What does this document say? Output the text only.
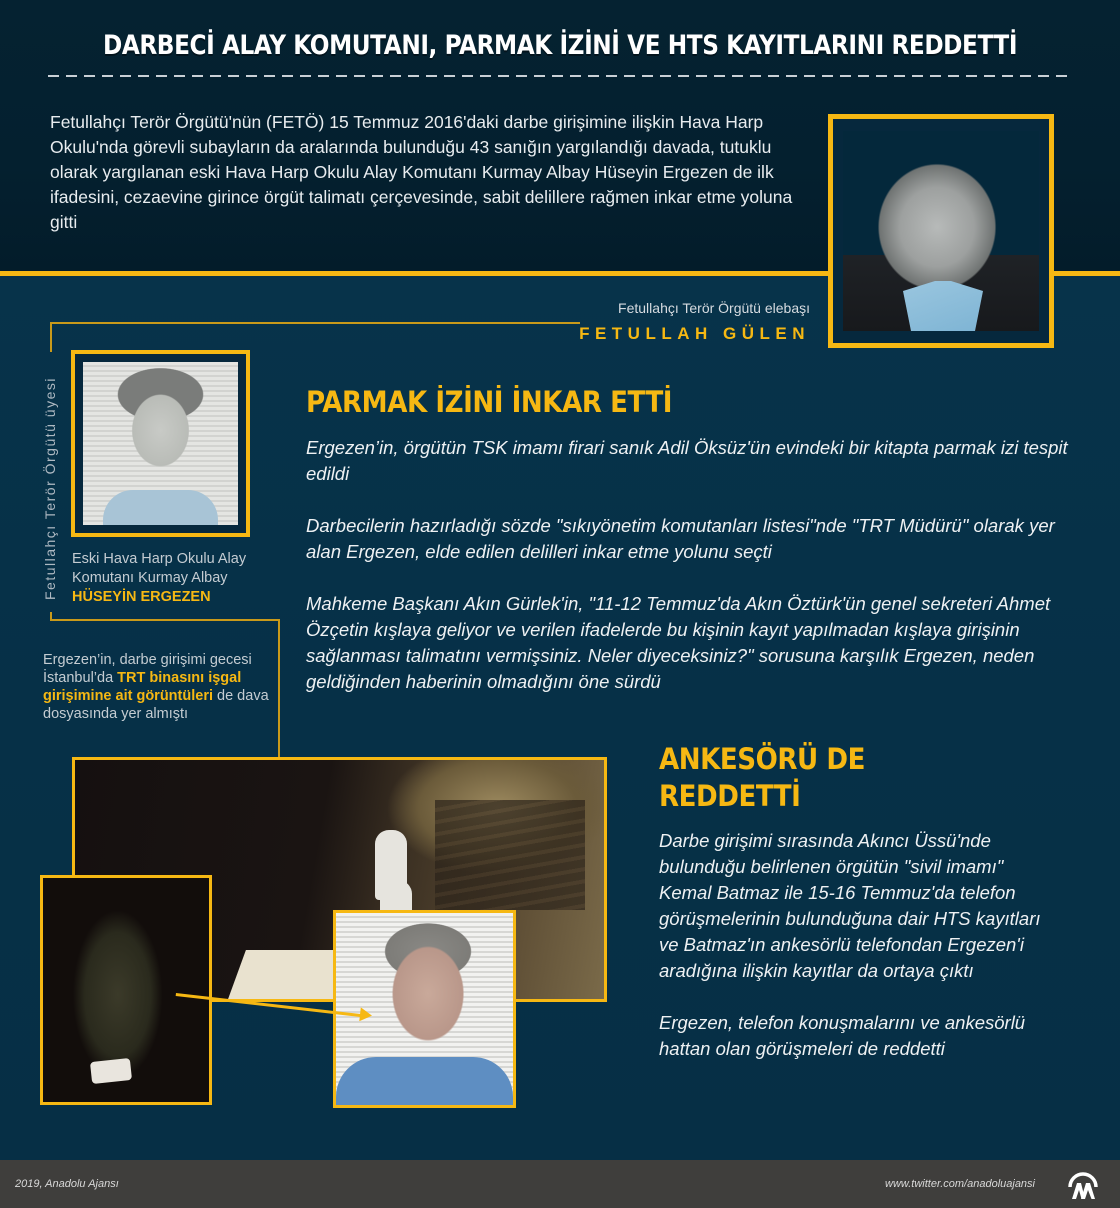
DARBECİ ALAY KOMUTANI, PARMAK İZİNİ VE HTS KAYITLARINI REDDETTİ
Fetullahçı Terör Örgütü'nün (FETÖ) 15 Temmuz 2016'daki darbe girişimine ilişkin Hava Harp Okulu'nda görevli subayların da aralarında bulunduğu 43 sanığın yargılandığı davada, tutuklu olarak yargılanan eski Hava Harp Okulu Alay Komutanı Kurmay Albay Hüseyin Ergezen de ilk ifadesini, cezaevine girince örgüt talimatı çerçevesinde, sabit delillere rağmen inkar etme yoluna gitti
Fetullahçı Terör Örgütü elebaşı
FETULLAH GÜLEN
Fetullahçı Terör Örgütü üyesi Eski Hava Harp Okulu Alay
Komutanı Kurmay Albay
HÜSEYİN ERGEZEN
Ergezen’in, darbe girişimi gecesi İstanbul’da TRT binasını işgal girişimine ait görüntüleri de dava dosyasında yer almıştı
PARMAK İZİNİ İNKAR ETTİ

Ergezen’in, örgütün TSK imamı firari sanık Adil Öksüz'ün evindeki bir kitapta parmak izi tespit edildi

Darbecilerin hazırladığı sözde "sıkıyönetim komutanları listesi"nde "TRT Müdürü" olarak yer alan Ergezen, elde edilen delilleri inkar etme yolunu seçti

Mahkeme Başkanı Akın Gürlek'in, "11-12 Temmuz'da Akın Öztürk'ün genel sekreteri Ahmet Özçetin kışlaya geliyor ve verilen ifadelerde bu kişinin kayıt yapılmadan kışlaya girişinin sağlanması talimatını vermişsiniz. Neler diyeceksiniz?" sorusuna karşılık Ergezen, neden geldiğinden haberinin olmadığını öne sürdü

ANKESÖRÜ DE
REDDETTİ

Darbe girişimi sırasında Akıncı Üssü'nde bulunduğu belirlenen örgütün "sivil imamı" Kemal Batmaz ile 15-16 Temmuz'da telefon görüşmelerinin bulunduğuna dair HTS kayıtları ve Batmaz'ın ankesörlü telefondan Ergezen'i aradığına ilişkin kayıtlar da ortaya çıktı

Ergezen, telefon konuşmalarını ve ankesörlü hattan olan görüşmeleri de reddetti

2019, Anadolu Ajansı	www.twitter.com/anadoluajansi
